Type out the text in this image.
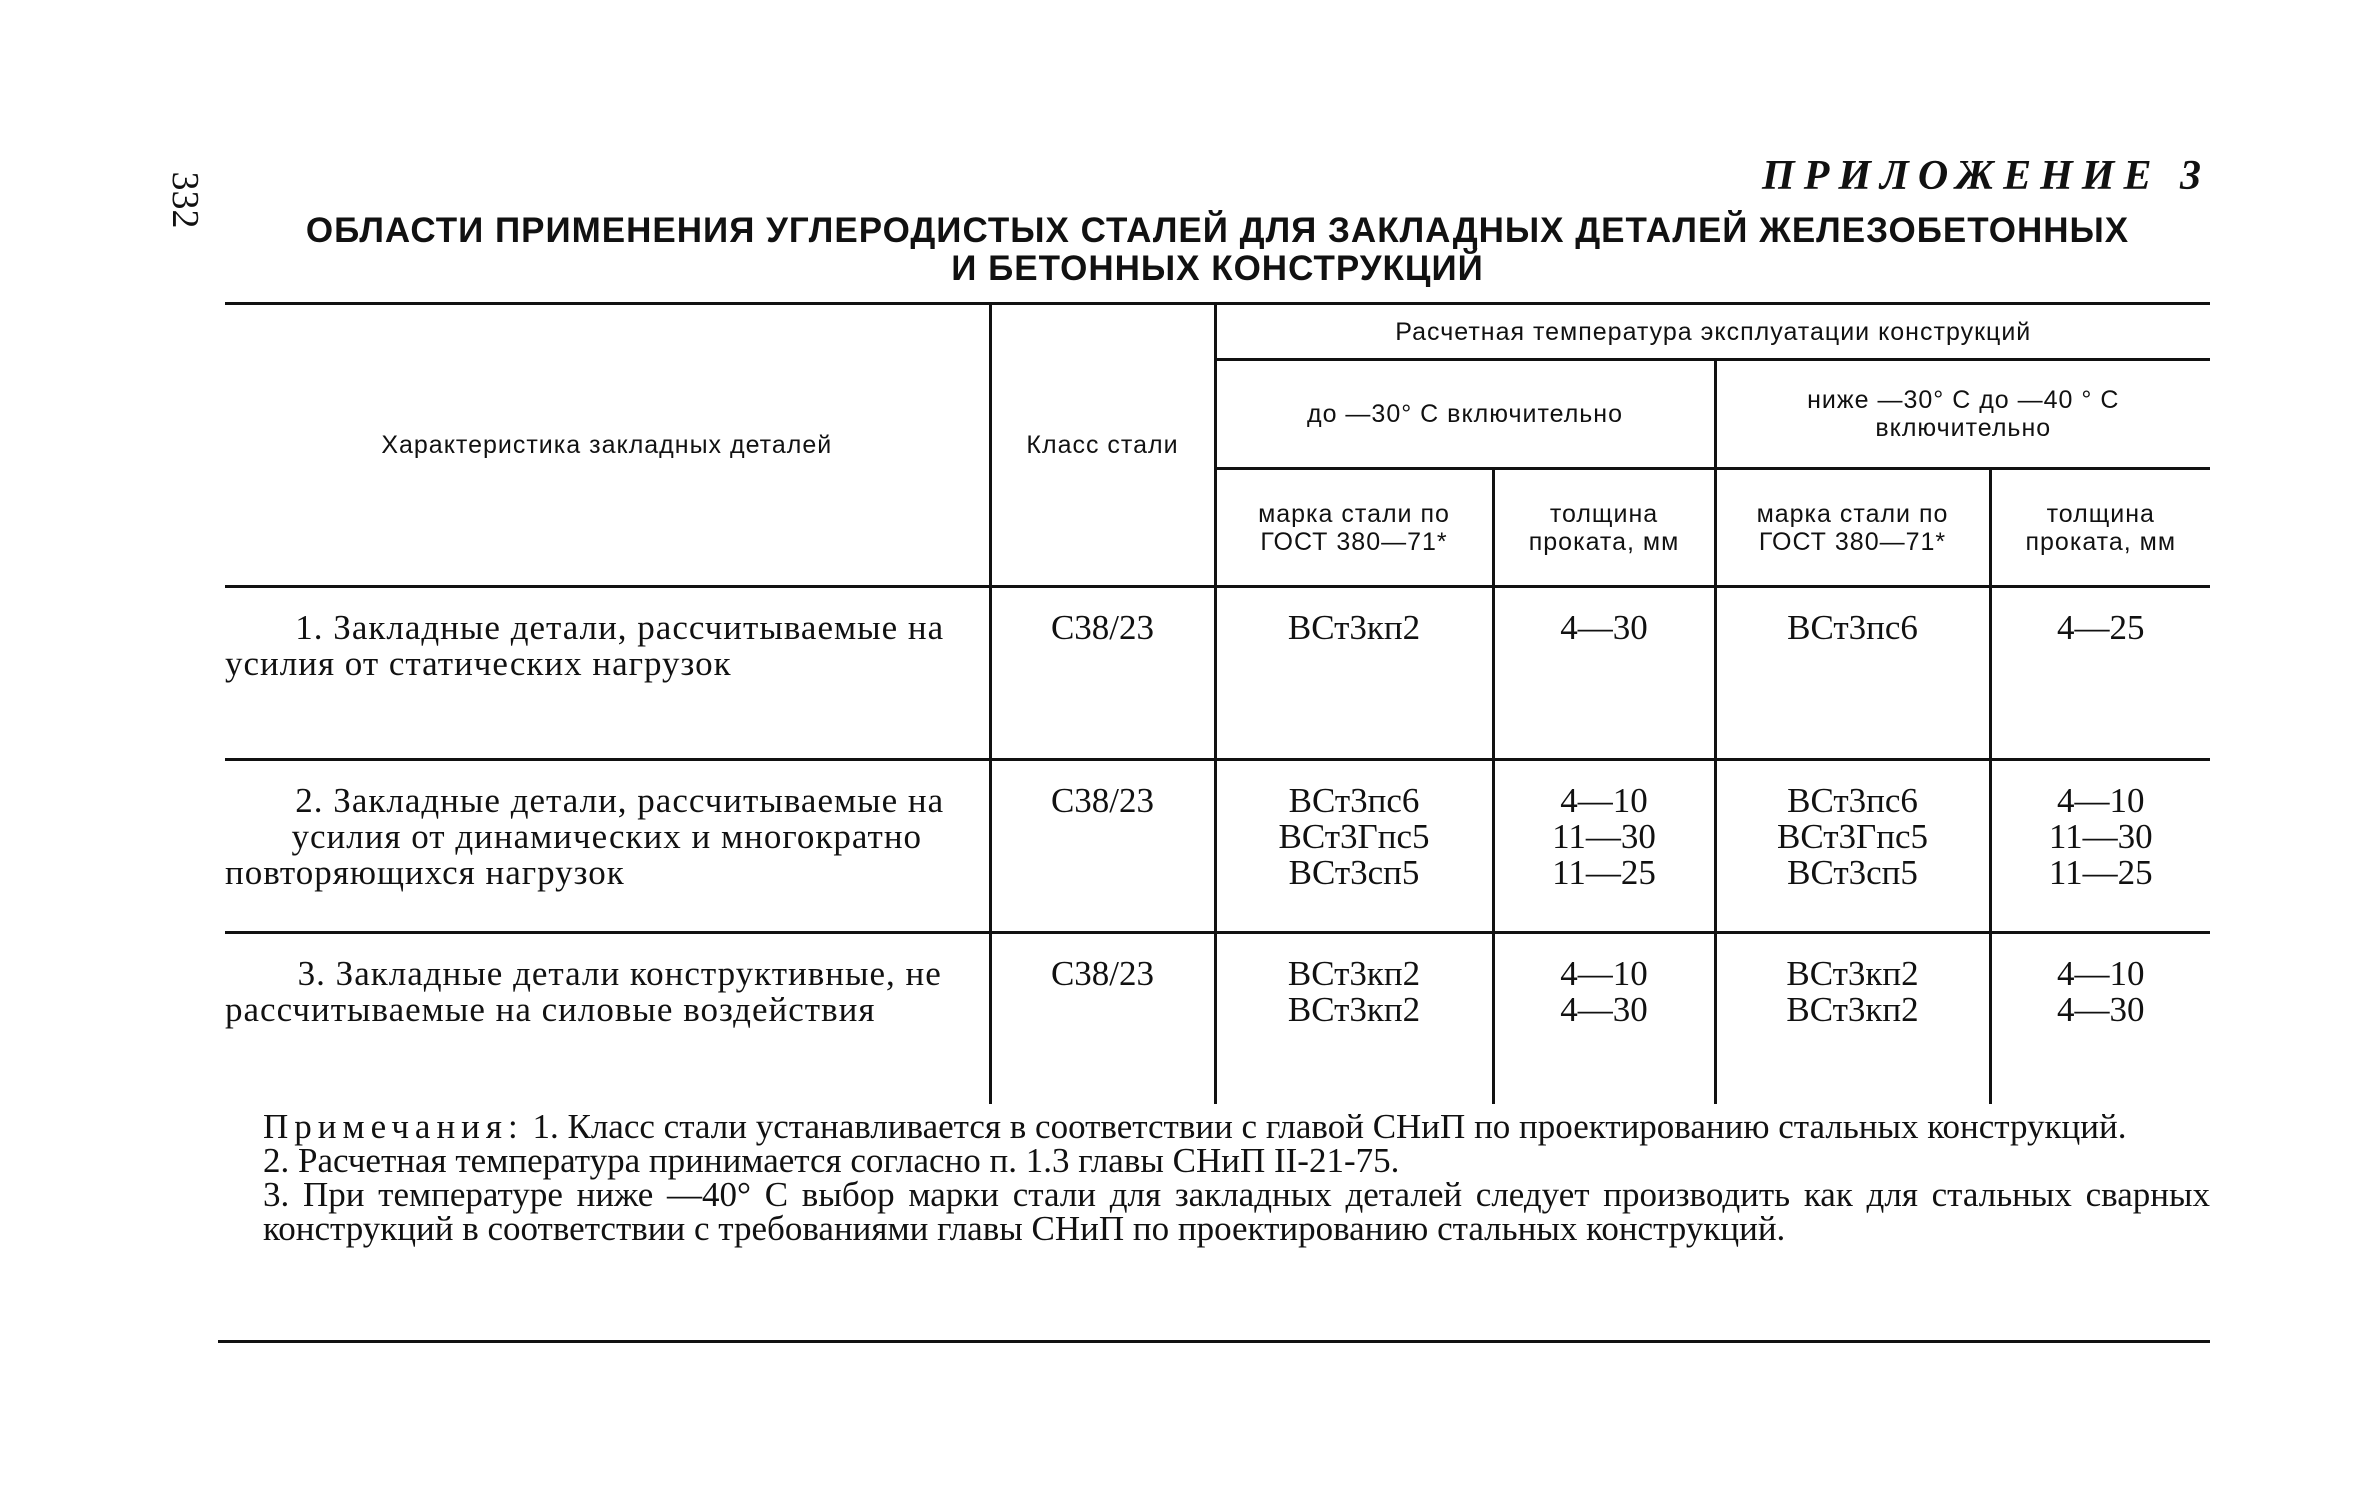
332	ПРИЛОЖЕНИЕ 3
ОБЛАСТИ ПРИМЕНЕНИЯ УГЛЕРОДИСТЫХ СТАЛЕЙ ДЛЯ ЗАКЛАДНЫХ ДЕТАЛЕЙ ЖЕЛЕЗОБЕТОННЫХ
И БЕТОННЫХ КОНСТРУКЦИЙ
Характеристика закладных деталей	Класс стали	Расчетная температура эксплуатации конструкций			
		до —30° С включительно		ниже —30° С до —40 ° С включительно	
		марка стали по ГОСТ 380—71*	толщина проката, мм	марка стали по ГОСТ 380—71*	толщина проката, мм
1. Закладные детали, рассчитываемые на усилия от статических нагрузок	С38/23	ВСт3кп2	4—30	ВСт3пс6	4—25

2. Закладные детали, рассчитываемые на усилия от динамических и многократно повторяющихся нагрузок	С38/23	ВСт3пс6
ВСт3Гпс5
ВСт3сп5	4—10
11—30
11—25	ВСт3пс6
ВСт3Гпс5
ВСт3сп5	4—10
11—30
11—25

3. Закладные детали конструктивные, не рассчитываемые на силовые воздействия	С38/23	ВСт3кп2
ВСт3кп2	4—10
4—30	ВСт3кп2
ВСт3кп2	4—10
4—30

Примечания: 1. Класс стали устанавливается в соответствии с главой СНиП по проектированию стальных конструкций.

2. Расчетная температура принимается согласно п. 1.3 главы СНиП II-21-75.

3. При температуре ниже —40° С выбор марки стали для закладных деталей следует производить как для стальных сварных конструкций в соответствии с требованиями главы СНиП по проектированию стальных конструкций.
